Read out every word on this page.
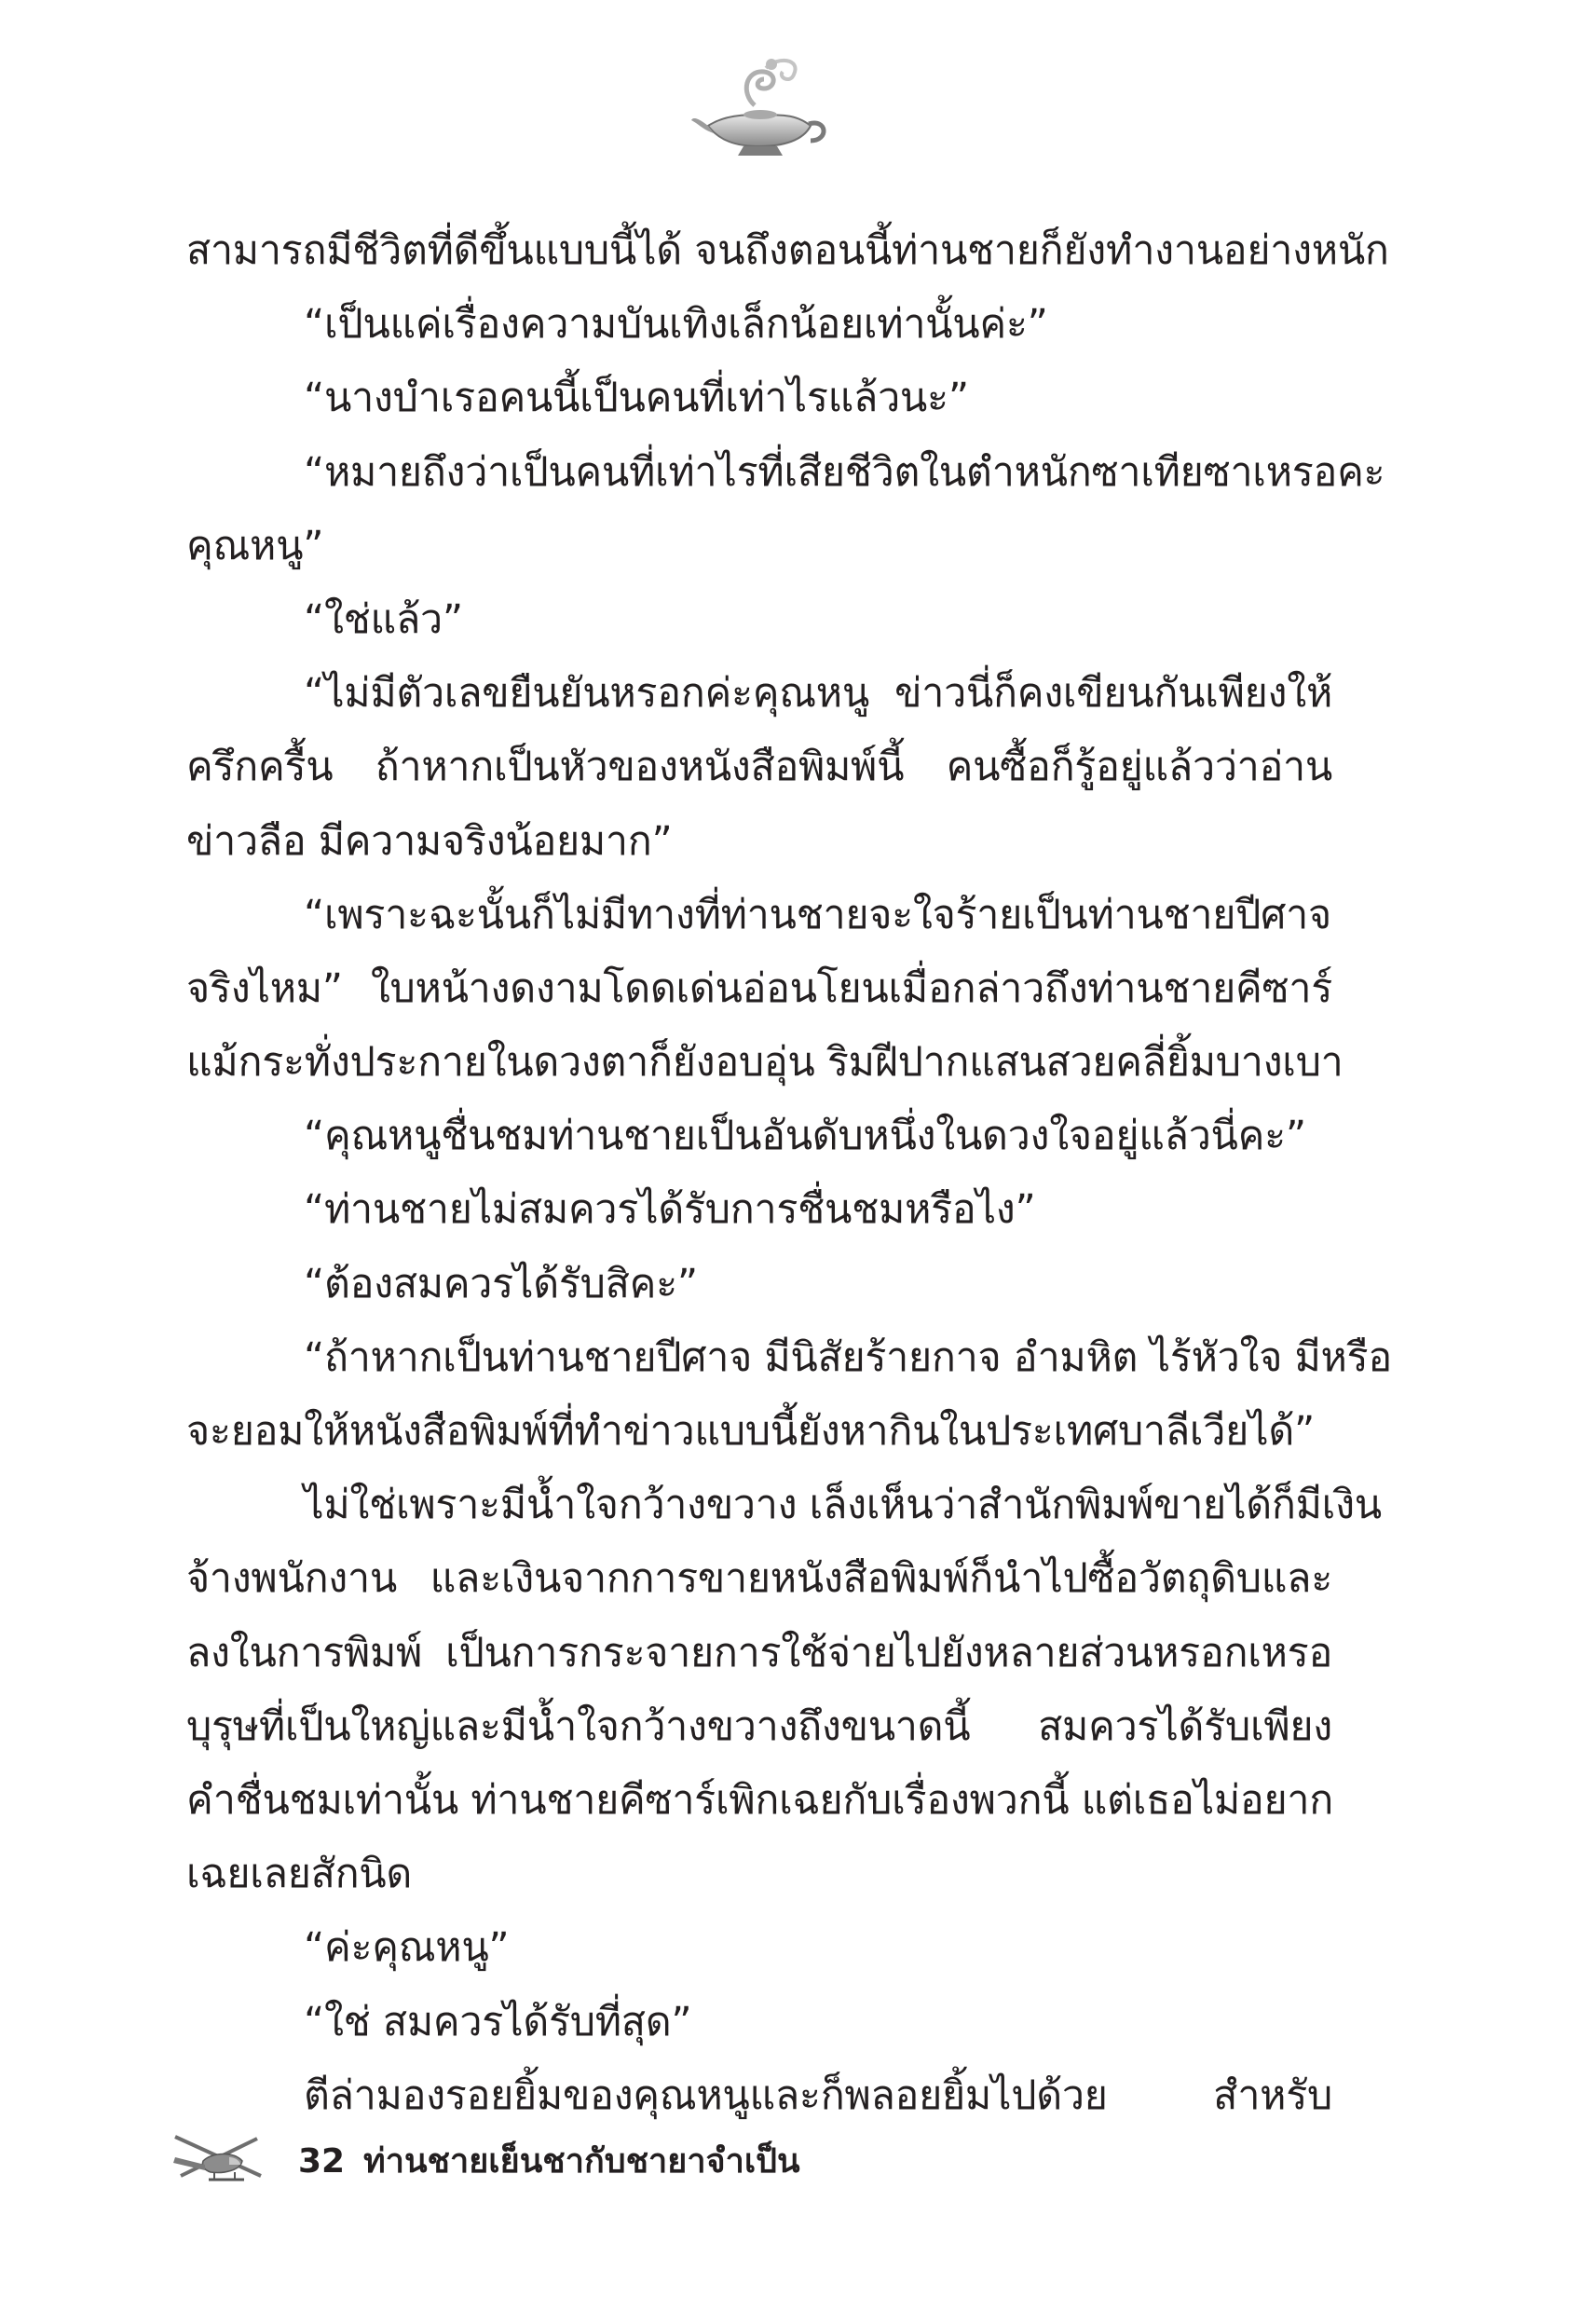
สามารถมีชีวิตที่ดีขึ้นแบบนี้ได้ จนถึงตอนนี้ท่านชายก็ยังทำงานอย่างหนัก
“เป็นแค่เรื่องความบันเทิงเล็กน้อยเท่านั้นค่ะ”
“นางบำเรอคนนี้เป็นคนที่เท่าไรแล้วนะ”
“หมายถึงว่าเป็นคนที่เท่าไรที่เสียชีวิตในตำหนักซาเทียซาเหรอคะ
คุณหนู”
“ใช่แล้ว”
“ไม่มีตัวเลขยืนยันหรอกค่ะคุณหนู ข่าวนี่ก็คงเขียนกันเพียงให้
ครึกครื้น ถ้าหากเป็นหัวของหนังสือพิมพ์นี้ คนซื้อก็รู้อยู่แล้วว่าอ่าน
ข่าวลือ มีความจริงน้อยมาก”
“เพราะฉะนั้นก็ไม่มีทางที่ท่านชายจะใจร้ายเป็นท่านชายปีศาจ
จริงไหม” ใบหน้างดงามโดดเด่นอ่อนโยนเมื่อกล่าวถึงท่านชายคีซาร์
แม้กระทั่งประกายในดวงตาก็ยังอบอุ่น ริมฝีปากแสนสวยคลี่ยิ้มบางเบา
“คุณหนูชื่นชมท่านชายเป็นอันดับหนึ่งในดวงใจอยู่แล้วนี่คะ”
“ท่านชายไม่สมควรได้รับการชื่นชมหรือไง”
“ต้องสมควรได้รับสิคะ”
“ถ้าหากเป็นท่านชายปีศาจ มีนิสัยร้ายกาจ อำมหิต ไร้หัวใจ มีหรือ
จะยอมให้หนังสือพิมพ์ที่ทำข่าวแบบนี้ยังหากินในประเทศบาลีเวียได้”
ไม่ใช่เพราะมีน้ำใจกว้างขวาง เล็งเห็นว่าสำนักพิมพ์ขายได้ก็มีเงิน
จ้างพนักงาน และเงินจากการขายหนังสือพิมพ์ก็นำไปซื้อวัตถุดิบและ
ลงในการพิมพ์ เป็นการกระจายการใช้จ่ายไปยังหลายส่วนหรอกเหรอ
บุรุษที่เป็นใหญ่และมีน้ำใจกว้างขวางถึงขนาดนี้ สมควรได้รับเพียง
คำชื่นชมเท่านั้น ท่านชายคีซาร์เพิกเฉยกับเรื่องพวกนี้ แต่เธอไม่อยาก
เฉยเลยสักนิด
“ค่ะคุณหนู”
“ใช่ สมควรได้รับที่สุด”
ตีล่ามองรอยยิ้มของคุณหนูและก็พลอยยิ้มไปด้วย สำหรับ
32 ท่านชายเย็นชากับชายาจำเป็น
